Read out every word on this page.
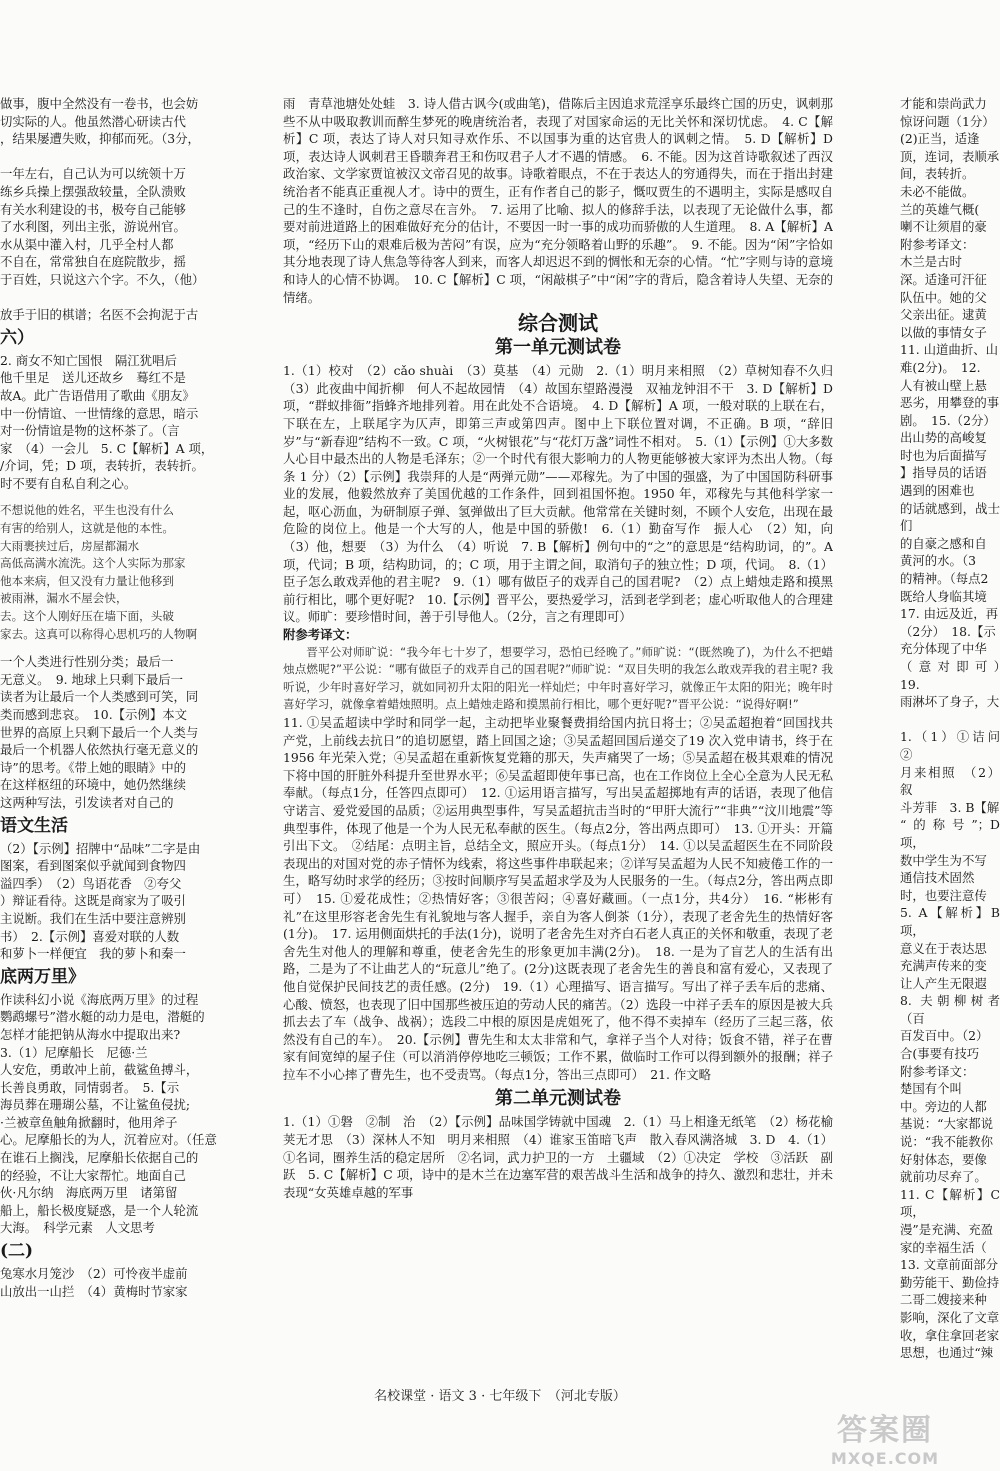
做事，腹中全然没有一卷书，也会妨

切实际的人。他虽然潜心研读古代

，结果屡遭失败，抑郁而死。（3分，

一年左右，自己认为可以统领十万

练乡兵操上摆强敌较量，全队溃败

有关水利建设的书，极夸自己能够

了水利图，列出主张，游说州官。

水从渠中灌入村，几乎全村人都

不自在，常常独自在庭院散步，摇

于百姓，只说这六个字。不久，（他）

放手于旧的棋谱；名医不会拘泥于古

六）

2. 商女不知亡国恨　隔江犹唱后

他千里足　送儿还故乡　蓦红不是

故A。此广告语借用了歌曲《朋友》

中一份情谊、一世情缘的意思，暗示

对一份情谊是物的这杯茶了。（言

家　（4）一会儿　5. C【解析】A 项，

/介词，凭；D 项，表转折，表转折。

时不要有自私自利之心。

不想说他的姓名，平生也没有什么

有害的给别人，这就是他的本性。

大雨裹挟过后，房屋都漏水

高低高满水流洗。这个人实际为那家

他本来病，但又没有力量让他移到

被雨淋，漏水不屋会快，

去。这个人刚好压在墙下面，头破

家去。这真可以称得心思机巧的人物啊

一个人类进行性别分类；最后一

无意义。　9. 地球上只剩下最后一

读者为让最后一个人类感到可笑，同

类而感到悲哀。　10.【示例】本文

世界的高原上只剩下最后一个人类与

最后一个机器人依然执行毫无意义的

诗”的思考。《带上她的眼睛》中的

在这样枢纽的环境中，她仍然继续

这两种写法，引发读者对自己的

语文生活

（2）【示例】招牌中“品味”二字是由

图案，看到图案似乎就闻到食物四

溢四季）　（2）鸟语花香　②夸父

）辩证看待。这既是商家为了吸引

主说断。我们在生活中要注意辨别

书）　2.【示例】喜爱对联的人数

和萝卜一样便宜　我的萝卜和秦一

底两万里》

作读科幻小说《海底两万里》的过程

鹦鹉螺号”潜水艇的动力是电，潜艇的

怎样才能把钠从海水中提取出来?

3.（1）尼摩船长　尼德·兰

人安危，勇敢冲上前，截鲨鱼搏斗，

长善良勇敢，同情弱者。　5.【示

海员葬在珊瑚公墓，不让鲨鱼侵扰;

·兰被章鱼触角掀翻时，他用斧子

心。尼摩船长的为人，沉着应对。（任意

在谁石上搁浅，尼摩船长依据自己的

的经验，不让大家帮忙。地面自己

伙·凡尔纳　海底两万里　诸第留

船上，船长极度疑惑，是一个人轮流

大海。　科学元素　人文思考

(二)

兔寒水月笼沙　（2）可怜夜半虚前

山放出一山拦　（4）黄梅时节家家

雨　青草池塘处处蛙　3. 诗人借古讽今(或曲笔)，借陈后主因追求荒淫享乐最终亡国的历史，讽刺那些不从中吸取教训而醉生梦死的晚唐统治者，表现了对国家命运的无比关怀和深切忧虑。　4. C【解析】C 项，表达了诗人对只知寻欢作乐、不以国事为重的达官贵人的讽刺之情。　5. D【解析】D 项，表达诗人讽刺君王昏聩奔君王和伤叹君子人才不遇的情感。　6. 不能。因为这首诗歌叙述了西汉政治家、文学家贾谊被汉文帝召见的故事。诗歌着眼点，不在于表达人的穷通得失，而在于指出封建统治者不能真正重视人才。诗中的贾生，正有作者自己的影子，慨叹贾生的不遇明主，实际是感叹自己的生不逢时，自伤之意尽在言外。　7. 运用了比喻、拟人的修辞手法，以表现了无论做什么事，都要对前进道路上的困难做好充分的估计，不要因一时一事的成功而骄傲的人生道理。　8. A【解析】A 项，“经历下山的艰难后极为苦闷”有误，应为“充分领略着山野的乐趣”。　9. 不能。因为“闲”字恰如其分地表现了诗人焦急等待客人到来，而客人却迟迟不到的惆怅和无奈的心情。“忙”字则与诗的意境和诗人的心情不协调。　10. C【解析】C 项，“闲敲棋子”中“闲”字的背后，隐含着诗人失望、无奈的情绪。

综合测试
第一单元测试卷

1.（1）校对　（2）cǎo shuài　（3）莫基　（4）元勋　2.（1）明月来相照　（2）草树知春不久归　（3）此夜曲中闻折柳　何人不起故园情　（4）故国东望路漫漫　双袖龙钟泪不干　3. D【解析】D 项，“群蚁排衙”指蜂齐地排列着。用在此处不合语境。　4. D【解析】A 项，一般对联的上联在右，下联在左，上联尾字为仄声，即第三声或第四声。图中上下联位置对调，不正确。B 项，“辞旧岁”与“新春迎”结构不一致。C 项，“火树银花”与“花灯万盏”词性不相对。　5.（1）【示例】①大多数人心目中最杰出的人物是毛泽东；②一个时代有很大影响力的人物更能够被大家评为杰出人物。（每条 1 分）（2）【示例】我崇拜的人是“两弹元勋”——邓稼先。为了中国的强盛，为了中国国防科研事业的发展，他毅然放弃了美国优越的工作条件，回到祖国怀抱。1950 年，邓稼先与其他科学家一起，呕心沥血，为研制原子弹、氢弹做出了巨大贡献。他常常在关键时刻，不顾个人安危，出现在最危险的岗位上。他是一个大写的人，他是中国的骄傲!　6.（1）勤奋写作　振人心　（2）知，向　（3）他，想要　（3）为什么　（4）听说　7. B【解析】例句中的“之”的意思是“结构助词，的”。A 项，代词；B 项，结构助词，的；C 项，用于主谓之间，取消句子的独立性；D 项，代词。　8.（1）臣子怎么敢戏弄他的君主呢?　9.（1）哪有做臣子的戏弄自己的国君呢?　（2）点上蜡烛走路和摸黑前行相比，哪个更好呢?　10.【示例】晋平公，要热爱学习，活到老学到老；虚心听取他人的合理建议。师旷：要珍惜时间，善于引导他人。（2分，言之有理即可）

附参考译文：

晋平公对师旷说：“我今年七十岁了，想要学习，恐怕已经晚了。”师旷说：“(既然晚了)，为什么不把蜡烛点燃呢?”平公说：“哪有做臣子的戏弄自己的国君呢?”师旷说：“双目失明的我怎么敢戏弄我的君主呢? 我听说，少年时喜好学习，就如同初升太阳的阳光一样灿烂；中年时喜好学习，就像正午太阳的阳光；晚年时喜好学习，就像拿着蜡烛照明。点上蜡烛走路和摸黑前行相比，哪个更好呢?”晋平公说：“说得好啊!”

11. ①吴孟超读中学时和同学一起，主动把毕业聚餐费捐给国内抗日将士；②吴孟超抱着“回国找共产党，上前线去抗日”的追切愿望，踏上回国之途；③吴孟超回国后递交了19 次入党申请书，终于在1956 年光荣入党；④吴孟超在重新恢复党籍的那天，失声痛哭了一场；⑤吴孟超在极其艰难的情况下将中国的肝脏外科提升至世界水平；⑥吴孟超即使年事已高，也在工作岗位上全心全意为人民无私奉献。（每点1分，任答四点即可）　12. ①运用语言描写，写出吴孟超掷地有声的话语，表现了他信守诺言、爱党爱国的品质；②运用典型事件，写吴孟超抗击当时的“甲肝大流行”“非典”“汶川地震”等典型事件，体现了他是一个为人民无私奉献的医生。（每点2分，答出两点即可）　13. ①开头：开篇引出下文。　②结尾：点明主旨，总结全文，照应开头。（每点1分）　14. ①以吴孟超医生在不同阶段表现出的对国对党的赤子情怀为线索，将这些事件串联起来；②详写吴孟超为人民不知疲倦工作的一生，略写幼时求学的经历；③按时间顺序写吴孟超求学及为人民服务的一生。（每点2分，答出两点即可）　15. ①爱花成性；②热情好客；③很苦闷；④喜好藏画。（一点1分，共4分）　16. “彬彬有礼”在这里形容老舍先生有礼貌地与客人握手，亲自为客人倒茶（1分），表现了老舍先生的热情好客(1分)。　17. 运用侧面烘托的手法(1分)，说明了老舍先生对齐白石老人真正的关怀和敬重，表现了老舍先生对他人的理解和尊重，使老舍先生的形象更加丰满(2分)。　18. 一是为了盲艺人的生活有出路，二是为了不让曲艺人的“玩意儿”绝了。(2分)这既表现了老舍先生的善良和富有爱心，又表现了他自觉保护民间技艺的责任感。(2分)　19.（1）心理描写、语言描写。写出了祥子丢车后的悲痛、心酸、愤怒，也表现了旧中国那些被压迫的劳动人民的痛苦。（2）选段一中祥子丢车的原因是被大兵抓去去了车（战争、战祸）；选段二中根的原因是虎姐死了，他不得不卖掉车（经历了三起三落，依然没有自己的车）。　20.【示例】曹先生和太太非常和气，拿祥子当个人对待；饭食不错，祥子在曹家有间宽绰的屋子住（可以消消停停地吃三顿饭；工作不累，做临时工作可以得到额外的报酬；祥子拉车不小心摔了曹先生，也不受责骂。（每点1分，答出三点即可）　21. 作文略

第二单元测试卷

1.（1）①磐　②制　治　（2）【示例】品味国学铸就中国魂　2.（1）马上相逢无纸笔　（2）杨花榆荚无才思　（3）深林人不知　明月来相照　（4）谁家玉笛暗飞声　散入春风满洛城　3. D　4.（1）①名词，圈养生活的稳定居所　②名词，武力护卫的一方　土疆域　（2）①决定　学校　③活跃　副跃　5. C【解析】C 项，诗中的是木兰在边塞军营的艰苦战斗生活和战争的持久、激烈和悲壮，并未表现“女英雄卓越的军事

才能和崇尚武力

惊讶问题（1分）

(2)正当，适逢

顶，连词，表顺承

间，表转折。

未必不能做。

兰的英雄气概(

喇不让须眉的豪

附参考译文：

木兰是古时

深。适逢可汗征

队伍中。她的父

父亲出征。逮黄

以做的事情女子

11. 山道曲折、山

难(2分)。　12.

人有被山壁上悬

恶劣，用攀登的事

剧。　15.（2分）

出山势的高峻复

时也为后面描写

】指导员的话语

遇到的困难也

的话就感到，战士们

的自豪之感和自

黄河的水。（3

的精神。（每点2

既给人身临其境

17. 由远及近，再

（2分）　18.【示

充分体现了中华

（意对即可）　19.

雨淋坏了身子，大

1.（1）①诘问　②

月来相照　（2）叙

斗芳菲　3. B【解

“的称号”；D 项，

数中学生为不写

通信技术固然

时，也要注意传

5. A【解析】B 项，

意义在于表达思

充满声传来的变

让人产生无限遐

8. 夫朝柳树者（百

百发百中。（2）

合(事要有技巧

附参考译文：

楚国有个叫

中。旁边的人都

基说：“大家都说

说：“我不能教你

好射体态，要像

就前功尽弃了。

11. C【解析】C 项，

漫”是充满、充盈

家的幸福生活（

13. 文章前面部分

勤劳能干、勤俭持

二哥二嫂接来种

影响，深化了文章

收，拿住拿回老家

思想，也通过“辣

名校课堂 · 语文 3 · 七年级下　（河北专版）
答案圈
MXQE.COM
